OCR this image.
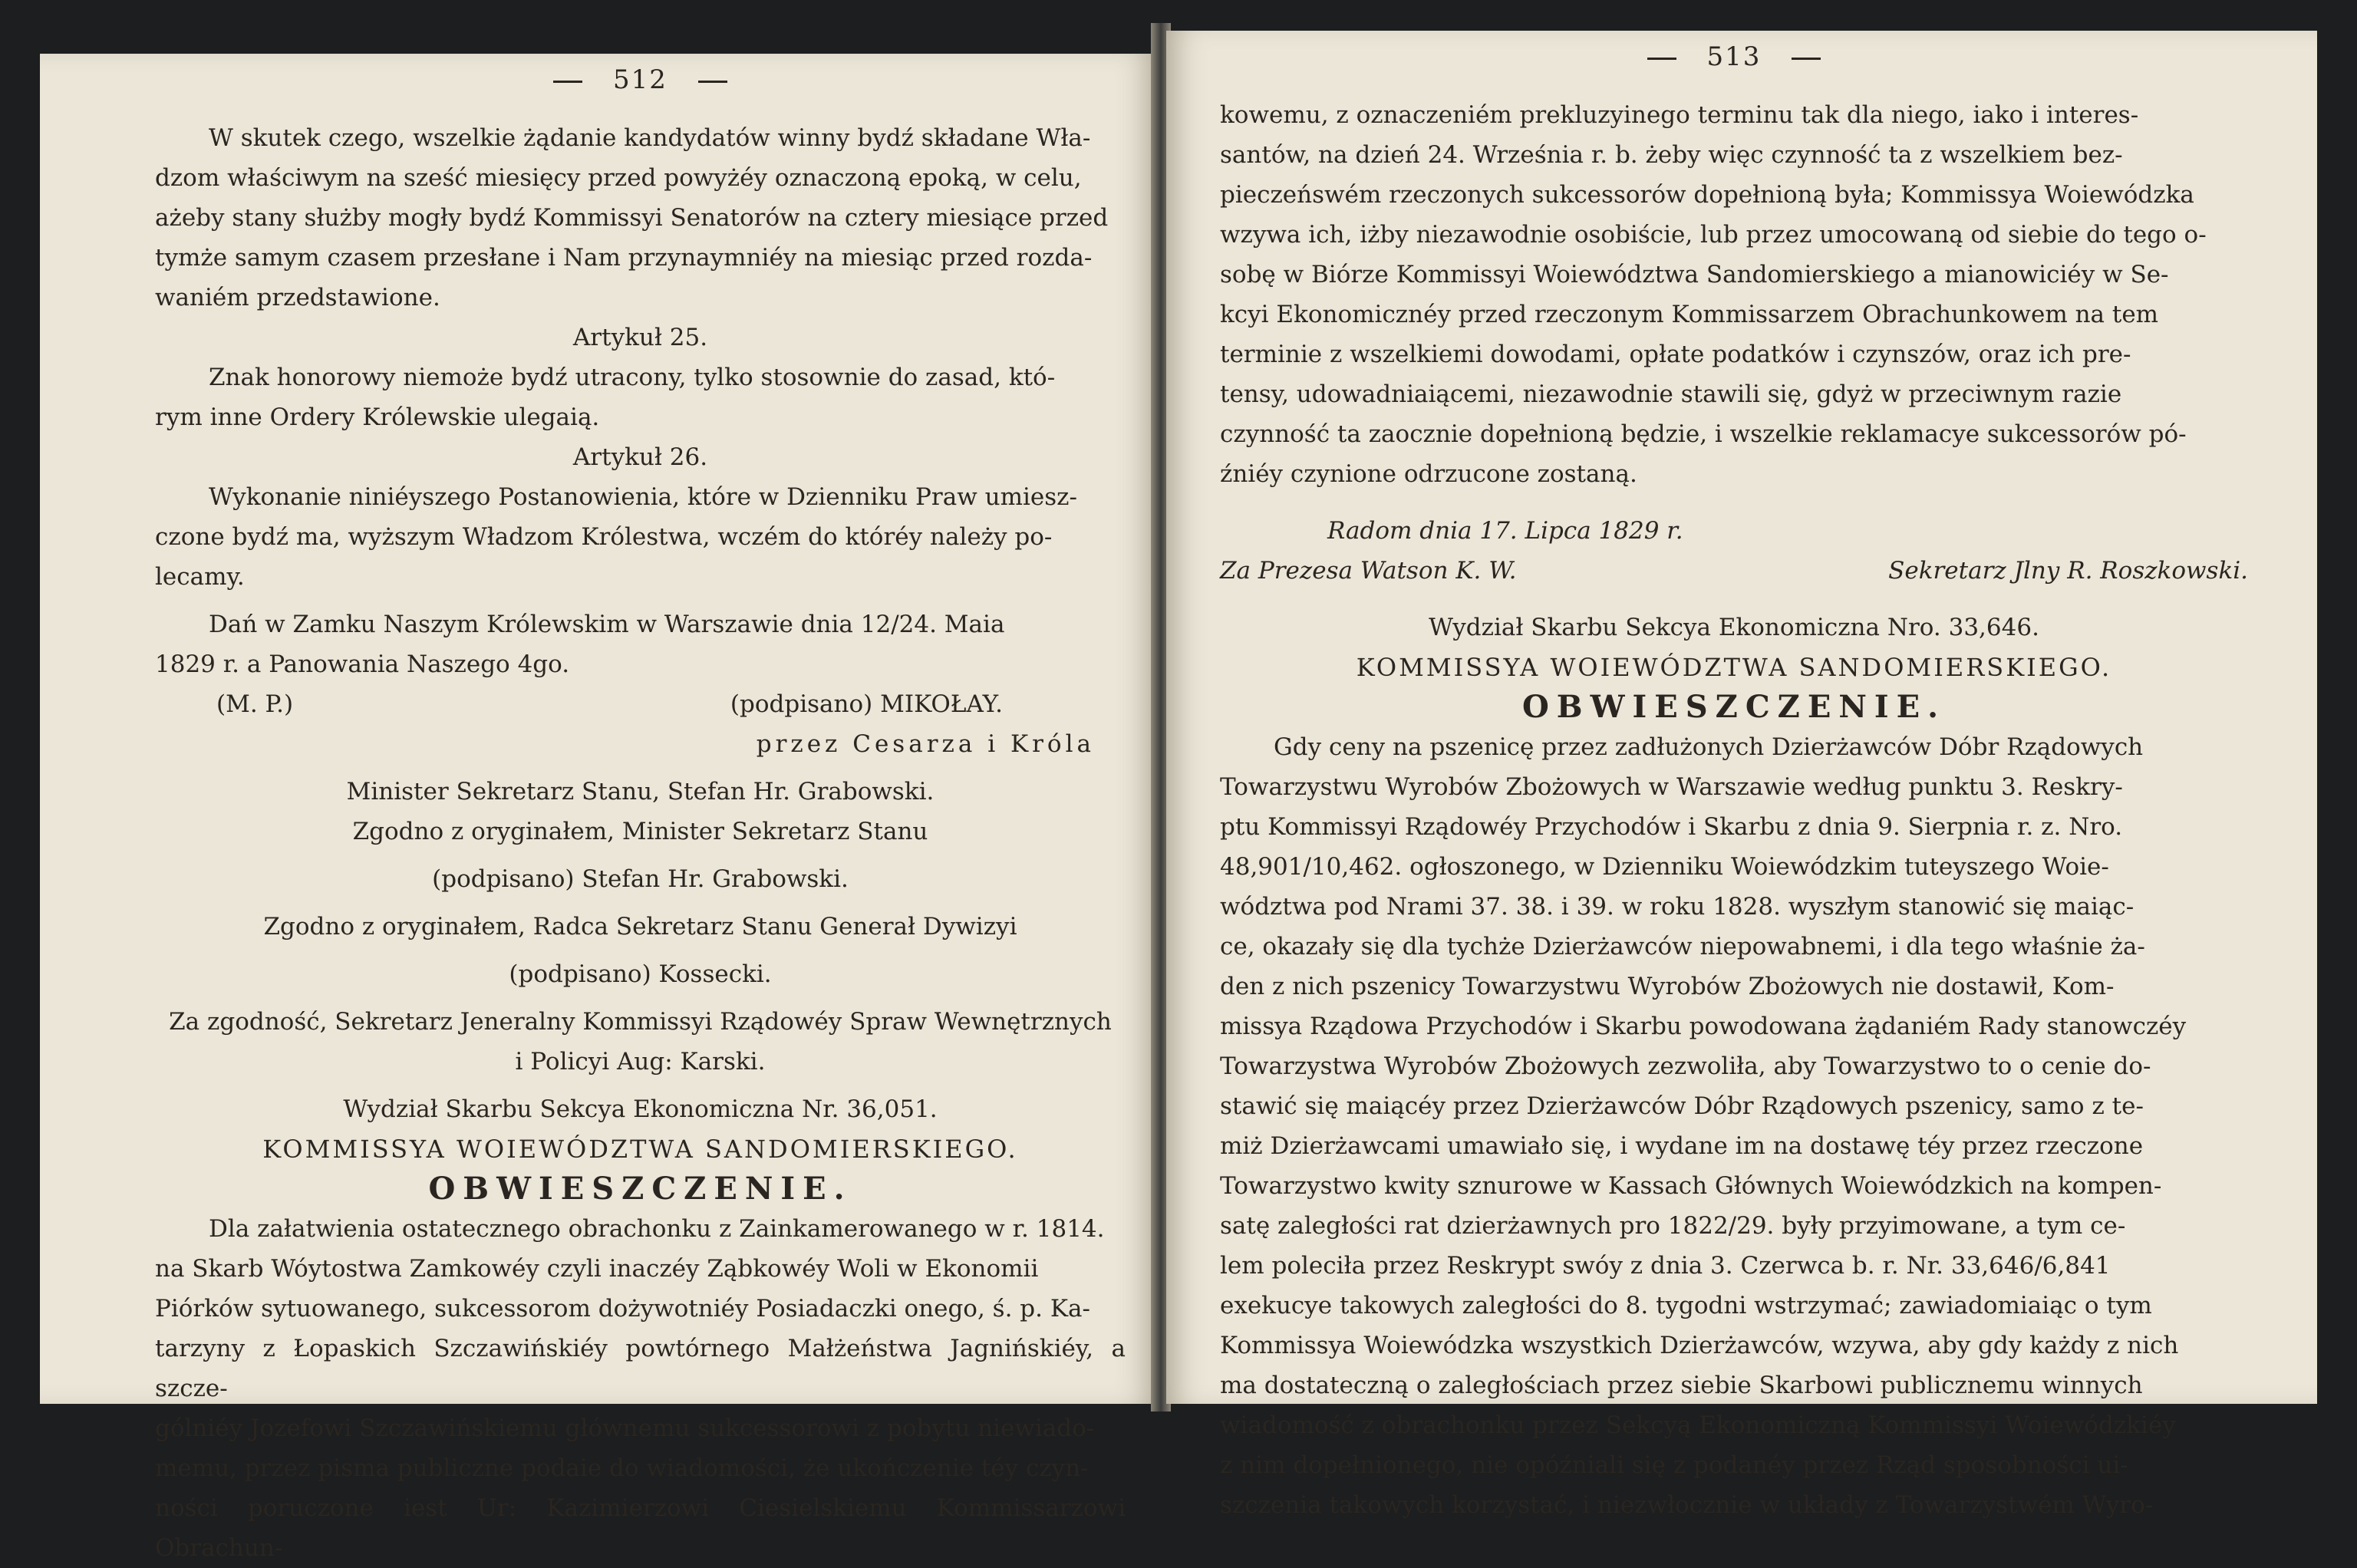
512

W skutek czego, wszelkie żądanie kandydatów winny bydź składane Wła-

dzom właściwym na sześć miesięcy przed powyżéy oznaczoną epoką, w celu,

ażeby stany służby mogły bydź Kommissyi Senatorów na cztery miesiące przed

tymże samym czasem przesłane i Nam przynaymniéy na miesiąc przed rozda-

waniém przedstawione.

Artykuł 25.

Znak honorowy niemoże bydź utracony, tylko stosownie do zasad, któ-

rym inne Ordery Królewskie ulegaią.

Artykuł 26.

Wykonanie niniéyszego Postanowienia, które w Dzienniku Praw umiesz-

czone bydź ma, wyższym Władzom Królestwa, wczém do któréy należy po-

lecamy.

Dań w Zamku Naszym Królewskim w Warszawie dnia 12/24. Maia

1829 r. a Panowania Naszego 4go.

(M. P.)	(podpisano) MIKOŁAY.

przez Cesarza i Króla

Minister Sekretarz Stanu, Stefan Hr. Grabowski.

Zgodno z oryginałem, Minister Sekretarz Stanu

(podpisano) Stefan Hr. Grabowski.

Zgodno z oryginałem, Radca Sekretarz Stanu Generał Dywizyi

(podpisano) Kossecki.

Za zgodność, Sekretarz Jeneralny Kommissyi Rządowéy Spraw Wewnętrznych

i Policyi Aug: Karski.

Wydział Skarbu Sekcya Ekonomiczna Nr. 36,051.

KOMMISSYA WOIEWÓDZTWA SANDOMIERSKIEGO.

OBWIESZCZENIE.

Dla załatwienia ostatecznego obrachonku z Zainkamerowanego w r. 1814.

na Skarb Wóytostwa Zamkowéy czyli inaczéy Ząbkowéy Woli w Ekonomii

Piórków sytuowanego, sukcessorom dożywotniéy Posiadaczki onego, ś. p. Ka-

tarzyny z Łopaskich Szczawińskiéy powtórnego Małżeństwa Jagnińskiéy, a szcze-

gólniéy Jozefowi Szczawińskiemu głównemu sukcessorowi z pobytu niewiado-

memu, przez pisma publiczne podaie do wiadomości, że ukończenie téy czyn-

ności poruczone iest Ur: Kazimierzowi Ciesielskiemu Kommissarzowi Obrachun-

513

kowemu, z oznaczeniém prekluzyinego terminu tak dla niego, iako i interes-

santów, na dzień 24. Września r. b. żeby więc czynność ta z wszelkiem bez-

pieczeńswém rzeczonych sukcessorów dopełnioną była; Kommissya Woiewódzka

wzywa ich, iżby niezawodnie osobiście, lub przez umocowaną od siebie do tego o-

sobę w Biórze Kommissyi Woiewództwa Sandomierskiego a mianowiciéy w Se-

kcyi Ekonomicznéy przed rzeczonym Kommissarzem Obrachunkowem na tem

terminie z wszelkiemi dowodami, opłate podatków i czynszów, oraz ich pre-

tensy, udowadniaiącemi, niezawodnie stawili się, gdyż w przeciwnym razie

czynność ta zaocznie dopełnioną będzie, i wszelkie reklamacye sukcessorów pó-

źniéy czynione odrzucone zostaną.

Radom dnia 17. Lipca 1829 r.

Za Prezesa Watson K. W.	Sekretarz Jlny R. Roszkowski.

Wydział Skarbu Sekcya Ekonomiczna Nro. 33,646.

KOMMISSYA WOIEWÓDZTWA SANDOMIERSKIEGO.

OBWIESZCZENIE.

Gdy ceny na pszenicę przez zadłużonych Dzierżawców Dóbr Rządowych

Towarzystwu Wyrobów Zbożowych w Warszawie według punktu 3. Reskry-

ptu Kommissyi Rządowéy Przychodów i Skarbu z dnia 9. Sierpnia r. z. Nro.

48,901/10,462. ogłoszonego, w Dzienniku Woiewódzkim tuteyszego Woie-

wództwa pod Nrami 37. 38. i 39. w roku 1828. wyszłym stanowić się maiąc-

ce, okazały się dla tychże Dzierżawców niepowabnemi, i dla tego właśnie ża-

den z nich pszenicy Towarzystwu Wyrobów Zbożowych nie dostawił, Kom-

missya Rządowa Przychodów i Skarbu powodowana żądaniém Rady stanowczéy

Towarzystwa Wyrobów Zbożowych zezwoliła, aby Towarzystwo to o cenie do-

stawić się maiącéy przez Dzierżawców Dóbr Rządowych pszenicy, samo z te-

miż Dzierżawcami umawiało się, i wydane im na dostawę téy przez rzeczone

Towarzystwo kwity sznurowe w Kassach Głównych Woiewódzkich na kompen-

satę zaległości rat dzierżawnych pro 1822/29. były przyimowane, a tym ce-

lem poleciła przez Reskrypt swóy z dnia 3. Czerwca b. r. Nr. 33,646/6,841

exekucye takowych zaległości do 8. tygodni wstrzymać; zawiadomiaiąc o tym

Kommissya Woiewódzka wszystkich Dzierżawców, wzywa, aby gdy każdy z nich

ma dostateczną o zaległościach przez siebie Skarbowi publicznemu winnych

wiadomość z obrachonku przez Sekcyą Ekonomiczną Kommissyi Woiewódzkiéy

z nim dopełnionego, nie opóźniali się z podanéy przez Rząd sposobności ui-

szczenia takowych korzystać, i niezwłocznie w układy z Towarzystwém Wyro-
